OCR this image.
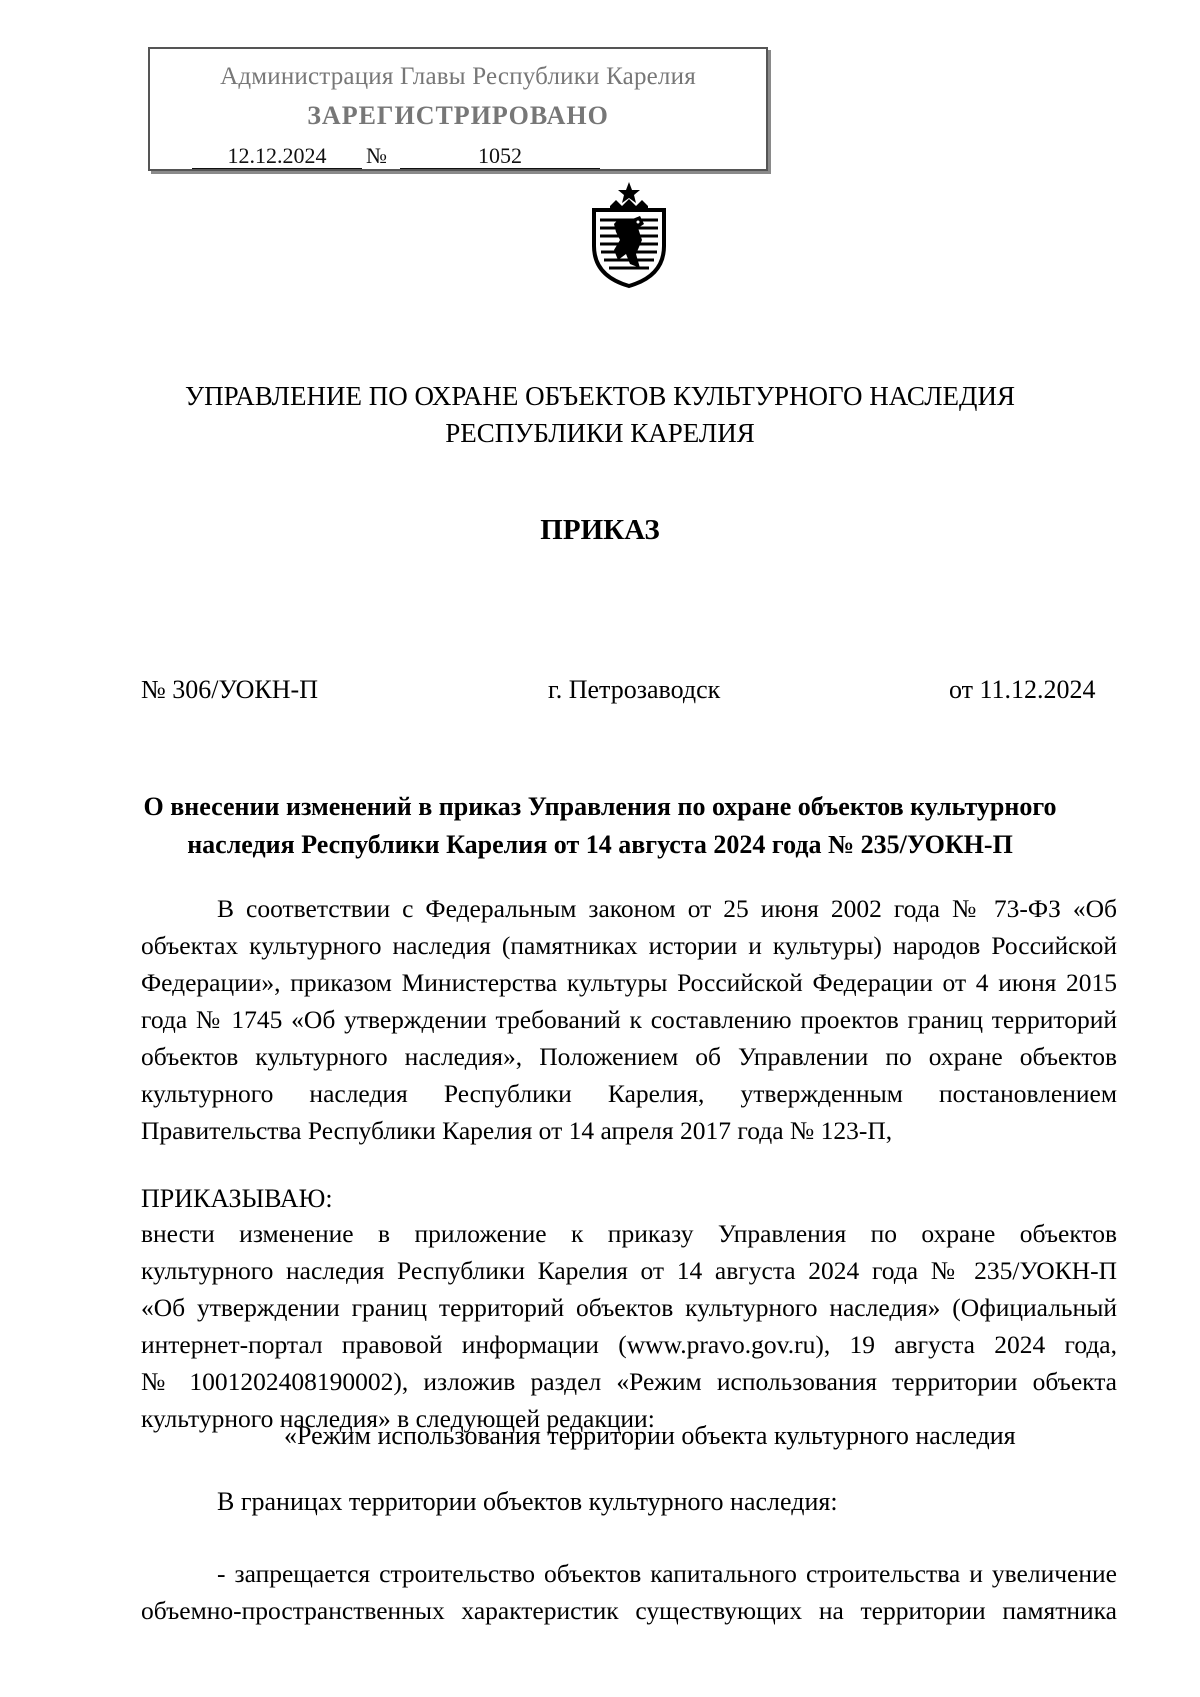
Администрация Главы Республики Карелия
ЗАРЕГИСТРИРОВАНО
12.12.2024	№	1052
УПРАВЛЕНИЕ ПО ОХРАНЕ ОБЪЕКТОВ КУЛЬТУРНОГО НАСЛЕДИЯ
РЕСПУБЛИКИ КАРЕЛИЯ
ПРИКАЗ
№ 306/УОКН-П	г. Петрозаводск	от 11.12.2024
О внесении изменений в приказ Управления по охране объектов культурного
наследия Республики Карелия от 14 августа 2024 года № 235/УОКН-П
В соответствии с Федеральным законом от 25 июня 2002 года № 73-ФЗ «Об
объектах культурного наследия (памятниках истории и культуры) народов Российской
Федерации», приказом Министерства культуры Российской Федерации от 4 июня 2015
года № 1745 «Об утверждении требований к составлению проектов границ территорий
объектов культурного наследия», Положением об Управлении по охране объектов
культурного наследия Республики Карелия, утвержденным постановлением
Правительства Республики Карелия от 14 апреля 2017 года № 123-П,
ПРИКАЗЫВАЮ:
внести изменение в приложение к приказу Управления по охране объектов
культурного наследия Республики Карелия от 14 августа 2024 года № 235/УОКН-П
«Об утверждении границ территорий объектов культурного наследия» (Официальный
интернет-портал правовой информации (www.pravo.gov.ru), 19 августа 2024 года,
№ 1001202408190002), изложив раздел «Режим использования территории объекта
культурного наследия» в следующей редакции:
«Режим использования территории объекта культурного наследия
В границах территории объектов культурного наследия:
- запрещается строительство объектов капитального строительства и увеличение
объемно-пространственных характеристик существующих на территории памятника
